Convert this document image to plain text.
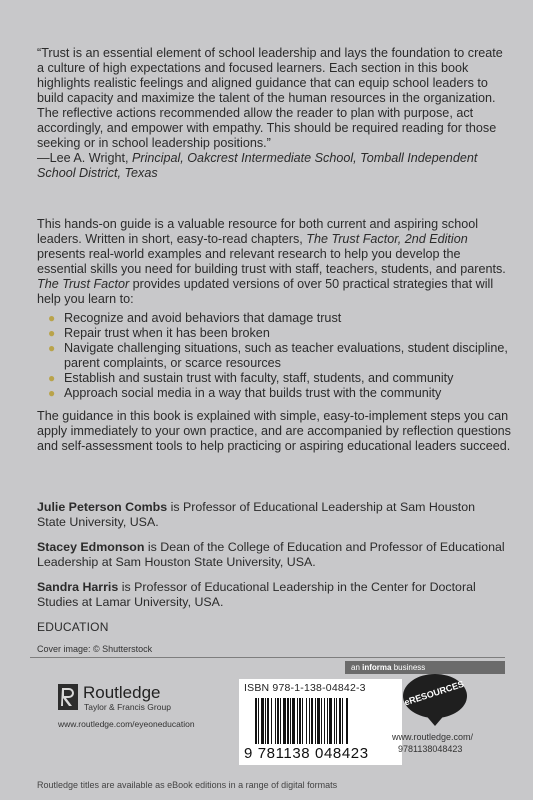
“Trust is an essential element of school leadership and lays the foundation to create a culture of high expectations and focused learners. Each section in this book highlights realistic feelings and aligned guidance that can equip school leaders to build capacity and maximize the talent of the human resources in the organization. The reflective actions recommended allow the reader to plan with purpose, act accordingly, and empower with empathy. This should be required reading for those seeking or in school leadership positions.”

—Lee A. Wright, Principal, Oakcrest Intermediate School, Tomball Independent School District, Texas

This hands-on guide is a valuable resource for both current and aspiring school leaders. Written in short, easy-to-read chapters, The Trust Factor, 2nd Edition presents real-world examples and relevant research to help you develop the essential skills you need for building trust with staff, teachers, students, and parents. The Trust Factor provides updated versions of over 50 practical strategies that will help you learn to:

● Recognize and avoid behaviors that damage trust
● Repair trust when it has been broken
● Navigate challenging situations, such as teacher evaluations, student discipline, parent complaints, or scarce resources
● Establish and sustain trust with faculty, staff, students, and community
● Approach social media in a way that builds trust with the community

The guidance in this book is explained with simple, easy-to-implement steps you can apply immediately to your own practice, and are accompanied by reflection questions and self-assessment tools to help practicing or aspiring educational leaders succeed.

Julie Peterson Combs is Professor of Educational Leadership at Sam Houston State University, USA.

Stacey Edmonson is Dean of the College of Education and Professor of Educational Leadership at Sam Houston State University, USA.

Sandra Harris is Professor of Educational Leadership in the Center for Doctoral Studies at Lamar University, USA.

EDUCATION

Cover image: © Shutterstock
an informa business
Routledge
Taylor & Francis Group
www.routledge.com/eyeoneducation
ISBN 978-1-138-04842-3
9 781138 048423
eRESOURCES
www.routledge.com/
9781138048423
Routledge titles are available as eBook editions in a range of digital formats
